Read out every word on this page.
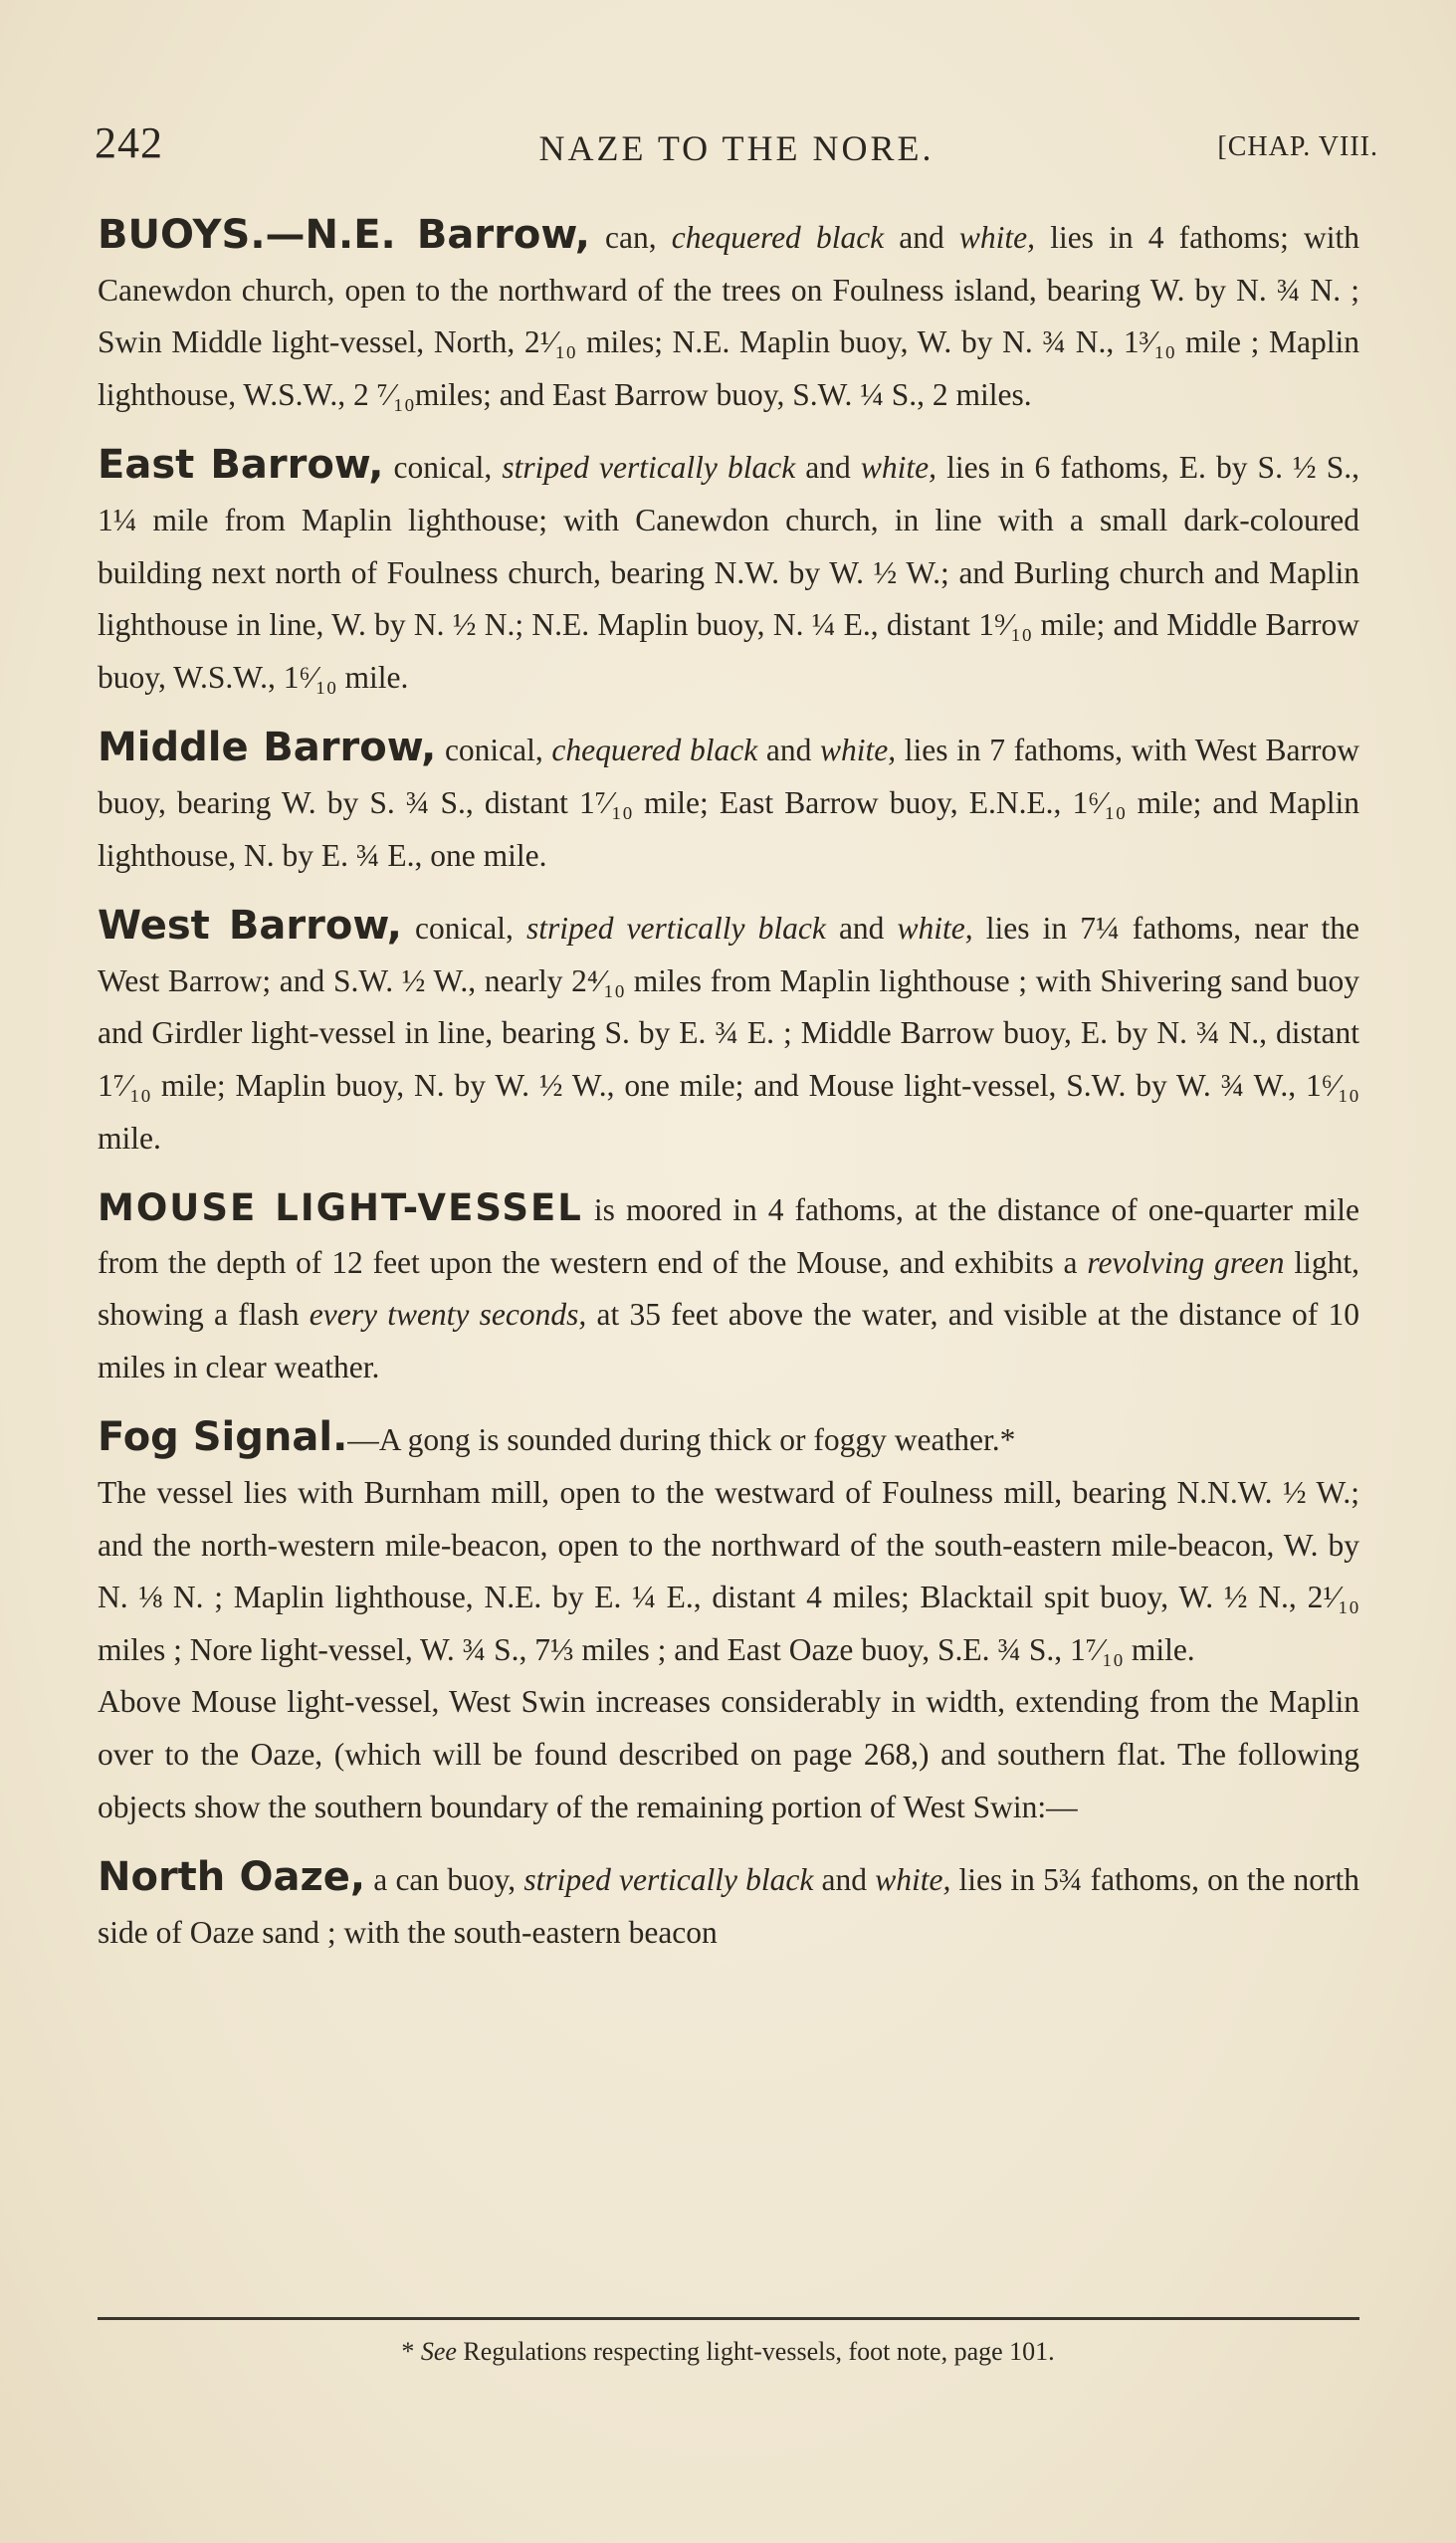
242	NAZE TO THE NORE.	[CHAP. VIII.

BUOYS.—N.E. Barrow, can, chequered black and white, lies in 4 fathoms; with Canewdon church, open to the northward of the trees on Foulness island, bearing W. by N. ¾ N. ; Swin Middle light-vessel, North, 2¹⁄₁₀ miles; N.E. Maplin buoy, W. by N. ¾ N., 1³⁄₁₀ mile ; Maplin lighthouse, W.S.W., 2 ⁷⁄₁₀miles; and East Barrow buoy, S.W. ¼ S., 2 miles.

East Barrow, conical, striped vertically black and white, lies in 6 fathoms, E. by S. ½ S., 1¼ mile from Maplin lighthouse; with Canewdon church, in line with a small dark-coloured building next north of Foulness church, bearing N.W. by W. ½ W.; and Burling church and Maplin lighthouse in line, W. by N. ½ N.; N.E. Maplin buoy, N. ¼ E., distant 1⁹⁄₁₀ mile; and Middle Barrow buoy, W.S.W., 1⁶⁄₁₀ mile.

Middle Barrow, conical, chequered black and white, lies in 7 fathoms, with West Barrow buoy, bearing W. by S. ¾ S., distant 1⁷⁄₁₀ mile; East Barrow buoy, E.N.E., 1⁶⁄₁₀ mile; and Maplin lighthouse, N. by E. ¾ E., one mile.

West Barrow, conical, striped vertically black and white, lies in 7¼ fathoms, near the West Barrow; and S.W. ½ W., nearly 2⁴⁄₁₀ miles from Maplin lighthouse ; with Shivering sand buoy and Girdler light-vessel in line, bearing S. by E. ¾ E. ; Middle Barrow buoy, E. by N. ¾ N., distant 1⁷⁄₁₀ mile; Maplin buoy, N. by W. ½ W., one mile; and Mouse light-vessel, S.W. by W. ¾ W., 1⁶⁄₁₀ mile.

MOUSE LIGHT-VESSEL is moored in 4 fathoms, at the distance of one-quarter mile from the depth of 12 feet upon the western end of the Mouse, and exhibits a revolving green light, showing a flash every twenty seconds, at 35 feet above the water, and visible at the distance of 10 miles in clear weather.

Fog Signal.—A gong is sounded during thick or foggy weather.*

The vessel lies with Burnham mill, open to the westward of Foulness mill, bearing N.N.W. ½ W.; and the north-western mile-beacon, open to the northward of the south-eastern mile-beacon, W. by N. ⅛ N. ; Maplin lighthouse, N.E. by E. ¼ E., distant 4 miles; Blacktail spit buoy, W. ½ N., 2¹⁄₁₀ miles ; Nore light-vessel, W. ¾ S., 7⅓ miles ; and East Oaze buoy, S.E. ¾ S., 1⁷⁄₁₀ mile.

Above Mouse light-vessel, West Swin increases considerably in width, extending from the Maplin over to the Oaze, (which will be found described on page 268,) and southern flat. The following objects show the southern boundary of the remaining portion of West Swin:—

North Oaze, a can buoy, striped vertically black and white, lies in 5¾ fathoms, on the north side of Oaze sand ; with the south-eastern beacon

* See Regulations respecting light-vessels, foot note, page 101.
